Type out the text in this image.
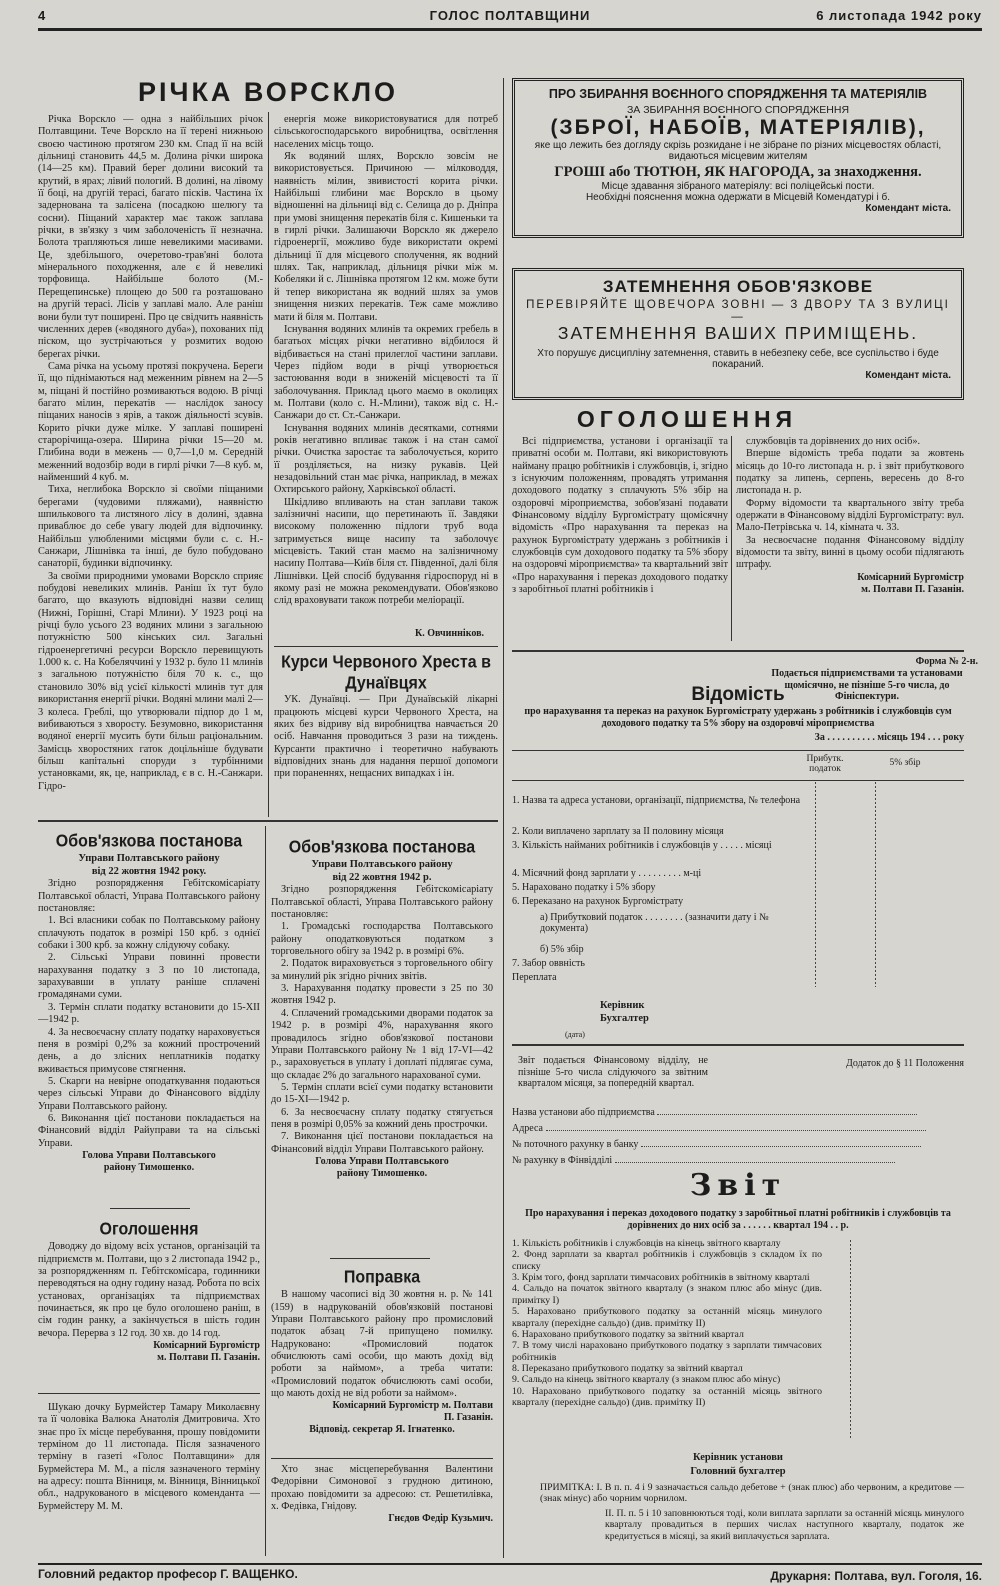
4	ГОЛОС ПОЛТАВЩИНИ	6 листопада 1942 року
РІЧКА ВОРСКЛО

Річка Ворскло — одна з найбільших річок Полтавщини. Тече Ворскло на її терені нижньою своєю частиною протягом 230 км. Спад її на всій дільниці становить 44,5 м. Долина річки широка (14—25 км). Правий берег долини високий та крутий, в ярах; лівий пологий. В долині, на лівому її боці, на другій терасі, багато пісків. Частина їх задернована та залісена (посадкою шелюгу та сосни). Піщаний характер має також заплава річки, в зв'язку з чим заболоченість її незначна. Болота трапляються лише невеликими масивами. Це, здебільшого, очеретово-трав'яні болота мінерального походження, але є й невеликі торфовища. Найбільше болото (М.-Перещепинське) площею до 500 га розташовано на другій терасі. Лісів у заплаві мало. Але раніш вони були тут поширені. Про це свідчить наявність численних дерев («водяного дуба»), похованих під піском, що зустрічаються у розмитих водою берегах річки.

Сама річка на усьому протязі покручена. Береги її, що піднімаються над меженним рівнем на 2—5 м, піщані й постійно розмиваються водою. В річці багато мілин, перекатів — наслідок заносу піщаних наносів з ярів, а також діяльності зсувів. Корито річки дуже мілке. У заплаві поширені старорічища-озера. Ширина річки 15—20 м. Глибина води в межень — 0,7—1,0 м. Середній меженний водозбір води в гирлі річки 7—8 куб. м, найменший 4 куб. м.

Тиха, неглибока Ворскло зі своїми піщаними берегами (чудовими пляжами), наявністю шпилькового та листяного лісу в долині, здавна приваблює до себе увагу людей для відпочинку. Найбільш улюбленими місцями були с. с. Н.-Санжари, Лішнівка та інші, де було побудовано санаторії, будинки відпочинку.

За своїми природними умовами Ворскло сприяє побудові невеликих млинів. Раніш їх тут було багато, що вказують відповідні назви селищ (Нижні, Горішні, Старі Млини). У 1923 році на річці було усього 23 водяних млини з загальною потужністю 500 кінських сил. Загальні гідроенергетичні ресурси Ворскло перевищують 1.000 к. с. На Кобеляччині у 1932 р. було 11 млинів з загальною потужністю біля 70 к. с., що становило 30% від усієї кількості млинів тут для використання енергії річки. Водяні млини малі 2—3 колеса. Греблі, що утворювали підпор до 1 м, вибиваються з хворосту. Безумовно, використання водяної енергії мусить бути більш раціональним. Замісць хворостяних гаток доцільніше будувати більш капітальні споруди з турбінними установками, як, це, наприклад, є в с. Н.-Санжари. Гідро-

енергія може використовуватися для потреб сільськогосподарського виробництва, освітлення населених місць тощо.

Як водяний шлях, Ворскло зовсім не використовується. Причиною — мілководдя, наявність мілин, звивистості корита річки. Найбільші глибини має Ворскло в цьому відношенні на дільниці від с. Селища до р. Дніпра при умові знищення перекатів біля с. Кишеньки та в гирлі річки. Залишаючи Ворскло як джерело гідроенергії, можливо буде використати окремі дільниці її для місцевого сполучення, як водний шлях. Так, наприклад, дільниця річки між м. Кобеляки й с. Лішнівка протягом 12 км. може бути й тепер використана як водний шлях за умов знищення низких перекатів. Теж саме можливо мати й біля м. Полтави.

Існування водяних млинів та окремих гребель в багатьох місцях річки негативно відбилося й відбивається на стані прилеглої частини заплави. Через підйом води в річці утворюється застоювання води в зниженій місцевості та її заболочування. Приклад цього маємо в околицях м. Полтави (коло с. Н.-Млини), також від с. Н.-Санжари до ст. Ст.-Санжари.

Існування водяних млинів десятками, сотнями років негативно впливає також і на стан самої річки. Очистка заростає та заболочується, корито її розділяється, на низку рукавів. Цей незадовільний стан має річка, наприклад, в межах Охтирського району, Харківської області.

Шкідливо впливають на стан заплави також залізничні насипи, що перетинають її. Завдяки високому положенню підлоги труб вода затримується вище насипу та заболочує місцевість. Такий стан маємо на залізничному насипу Полтава—Київ біля ст. Південної, далі біля Лішнівки. Цей спосіб будування гідроспоруд ні в якому разі не можна рекомендувати. Обов'язково слід враховувати також потреби меліорації.

К. Овчинніков.
Курси Червоного Хреста в Дунаївцях

УК. Дунаївці. — При Дунаївській лікарні працюють місцеві курси Червоного Хреста, на яких без відриву від виробництва навчається 20 осіб. Навчання проводиться 3 рази на тиждень. Курсанти практично і теоретично набувають відповідних знань для надання першої допомоги при пораненнях, нещасних випадках і ін.

Обов'язкова постанова
Управи Полтавського району
від 22 жовтня 1942 року.

Згідно розпорядження Гебітскомісаріату Полтавської області, Управа Полтавського району постановляє:

1. Всі власники собак по Полтавському району сплачують податок в розмірі 150 крб. з однієї собаки і 300 крб. за кожну слідуючу собаку.

2. Сільські Управи повинні провести нарахування податку з 3 по 10 листопада, зарахувавши в уплату раніше сплачені громадянами суми.

3. Термін сплати податку встановити до 15-ХІІ—1942 р.

4. За несвоєчасну сплату податку нараховується пеня в розмірі 0,2% за кожний прострочений день, а до злісних неплатників податку вживається примусове стягнення.

5. Скарги на невірне оподаткування подаються через сільські Управи до Фінансового відділу Управи Полтавського району.

6. Виконання цієї постанови покладається на Фінансовий відділ Райуправи та на сільські Управи.

Голова Управи Полтавського
району Тимошенко.
Оголошення

Доводжу до відому всіх установ, організацій та підприємств м. Полтави, що з 2 листопада 1942 р., за розпорядженням п. Гебітскомісара, годинники переводяться на одну годину назад. Робота по всіх установах, організаціях та підприємствах починається, як про це було оголошено раніш, в сім годин ранку, а закінчується в шість годин вечора. Перерва з 12 год. 30 хв. до 14 год.

Комісарний Бургомістр
м. Полтави П. Газанін.

Шукаю дочку Бурмейстер Тамару Миколаєвну та її чоловіка Валюка Анатолія Дмитровича. Хто знає про їх місце перебування, прошу повідомити терміном до 11 листопада. Після зазначеного терміну в газеті «Голос Полтавщини» для Бурмейстера М. М., а після зазначеного терміну на адресу: пошта Вінниця, м. Вінниця, Вінницької обл., надрукованого в місцевого коменданта — Бурмейстеру М. М.

Обов'язкова постанова
Управи Полтавського району
від 22 жовтня 1942 р.

Згідно розпорядження Гебітскомісаріату Полтавської області, Управа Полтавського району постановляє:

1. Громадські господарства Полтавського району оподатковуються податком з торговельного обігу за 1942 р. в розмірі 6%.

2. Податок вираховується з торговельного обігу за минулий рік згідно річних звітів.

3. Нарахування податку провести з 25 по 30 жовтня 1942 р.

4. Сплачений громадськими дворами податок за 1942 р. в розмірі 4%, нарахування якого провадилось згідно обов'язкової постанови Управи Полтавського району № 1 від 17-VI—42 р., зараховується в уплату і доплаті підлягає сума, що складає 2% до загального нарахованої суми.

5. Термін сплати всієї суми податку встановити до 15-ХІ—1942 р.

6. За несвоєчасну сплату податку стягується пеня в розмірі 0,05% за кожний день прострочки.

7. Виконання цієї постанови покладається на Фінансовий відділ Управи Полтавського району.

Голова Управи Полтавського
району Тимошенко.
Поправка

В нашому часописі від 30 жовтня н. р. № 141 (159) в надрукованій обов'язковій постанові Управи Полтавського району про промисловий податок абзац 7-й припущено помилку. Надруковано: «Промисловий податок обчислюють самі особи, що мають дохід від роботи за наймом», а треба читати: «Промисловий податок обчислюють самі особи, що мають дохід не від роботи за наймом».

Комісарний Бургомістр м. Полтави
П. Газанін.
Відповід. секретар Я. Ігнатенко.

Хто знає місцеперебування Валентини Федорівни Симонової з грудною дитиною, прохаю повідомити за адресою: ст. Решетилівка, х. Федівка, Гнідову.

Гнєдов Федір Кузьмич.
ПРО ЗБИРАННЯ ВОЄННОГО СПОРЯДЖЕННЯ ТА МАТЕРІЯЛІВ
ЗА ЗБИРАННЯ ВОЄННОГО СПОРЯДЖЕННЯ
(ЗБРОЇ, НАБОЇВ, МАТЕРІЯЛІВ),
яке що лежить без догляду скрізь розкидане і не зібране по різних місцевостях області, видаються місцевим жителям
ГРОШІ або ТЮТЮН, ЯК НАГОРОДА, за знаходження.
Місце здавання зібраного матеріялу: всі поліцейські пости.
Необхідні пояснення можна одержати в Місцевій Комендатурі і б.
Комендант міста.
ЗАТЕМНЕННЯ ОБОВ'ЯЗКОВЕ
ПЕРЕВІРЯЙТЕ ЩОВЕЧОРА ЗОВНІ — З ДВОРУ ТА З ВУЛИЦІ —
ЗАТЕМНЕННЯ ВАШИХ ПРИМІЩЕНЬ.
Хто порушує дисципліну затемнення, ставить в небезпеку себе, все суспільство і буде покараний.
Комендант міста.
ОГОЛОШЕННЯ

Всі підприємства, установи і організації та приватні особи м. Полтави, які використовують найману працю робітників і службовців, і, згідно з існуючим положенням, провадять утримання доходового податку з сплачують 5% збір на оздоровчі міроприємства, зобов'язані подавати Фінансовому відділу Бургомістрату щомісячну відомість «Про нарахування та переказ на рахунок Бургомістрату удержань з робітників і службовців сум доходового податку та 5% збору на оздоровчі міроприємства» та квартальний звіт «Про нарахування і переказ доходового податку з заробітньої платні робітників і

службовців та дорівнених до них осіб».

Вперше відомість треба подати за жовтень місяць до 10-го листопада н. р. і звіт прибуткового податку за липень, серпень, вересень до 8-го листопада н. р.

Форму відомости та квартального звіту треба одержати в Фінансовому відділі Бургомістрату: вул. Мало-Петрівська ч. 14, кімната ч. 33.

За несвоєчасне подання Фінансовому відділу відомости та звіту, винні в цьому особи підлягають штрафу.

Комісарний Бургомістр
м. Полтави П. Газанін.
Форма № 2-н.
Подається підприємствами та установами щомісячно, не пізніше 5-го числа, до Фініспектури.
Відомість
про нарахування та переказ на рахунок Бургомістрату удержань з робітників і службовців сум доходового податку та 5% збору на оздоровчі міроприємства
За . . . . . . . . . . місяць 194 . . . року
Прибутк. податок
5% збір
1. Назва та адреса установи, організації, підприємства, № телефона
2. Коли виплачено зарплату за II половину місяця
3. Кількість найманих робітників і службовців у . . . . . місяці
4. Місячний фонд зарплати у . . . . . . . . . м-ці
5. Нараховано податку і 5% збору
6. Переказано на рахунок Бургомістрату
а) Прибутковий податок . . . . . . . . (зазначити дату і № документа)
б) 5% збір
7. Забор оввність
Переплата
Керівник
Бухгалтер
(дата)
Звіт подається Фінансовому відділу, не пізніше 5-го числа слідуючого за звітним кварталом місяця, за попередній квартал.
Додаток до § 11 Положення
Назва установи або підприємства
Адреса
№ поточного рахунку в банку
№ рахунку в Фінвідділі
Звіт
Про нарахування і переказ доходового податку з заробітньої платні робітників і службовців та дорівнених до них осіб за . . . . . . квартал 194 . . р.
1. Кількість робітників і службовців на кінець звітного кварталу
2. Фонд зарплати за квартал робітників і службовців з складом їх по списку
3. Крім того, фонд зарплати тимчасових робітників в звітному кварталі
4. Сальдо на початок звітного кварталу (з знаком плюс або мінус (див. примітку I)
5. Нараховано прибуткового податку за останній місяць минулого кварталу (перехідне сальдо) (див. примітку II)
6. Нараховано прибуткового податку за звітний квартал
7. В тому числі нараховано прибуткового податку з зарплати тимчасових робітників
8. Переказано прибуткового податку за звітний квартал
9. Сальдо на кінець звітного кварталу (з знаком плюс або мінус)
10. Нараховано прибуткового податку за останній місяць звітного кварталу (перехідне сальдо) (див. примітку II)
Керівник установи
Головний бухгалтер
ПРИМІТКА: І. В п. п. 4 і 9 зазначається сальдо дебетове + (знак плюс) або червоним, а кредитове — (знак мінус) або чорним чорнилом.
ІІ. П. п. 5 і 10 заповнюються тоді, коли виплата зарплати за останній місяць минулого кварталу провадиться в перших числах наступного кварталу, податок же кредитується в місяці, за який виплачується зарплата.
Головний редактор професор Г. ВАЩЕНКО.	Друкарня: Полтава, вул. Гоголя, 16.
